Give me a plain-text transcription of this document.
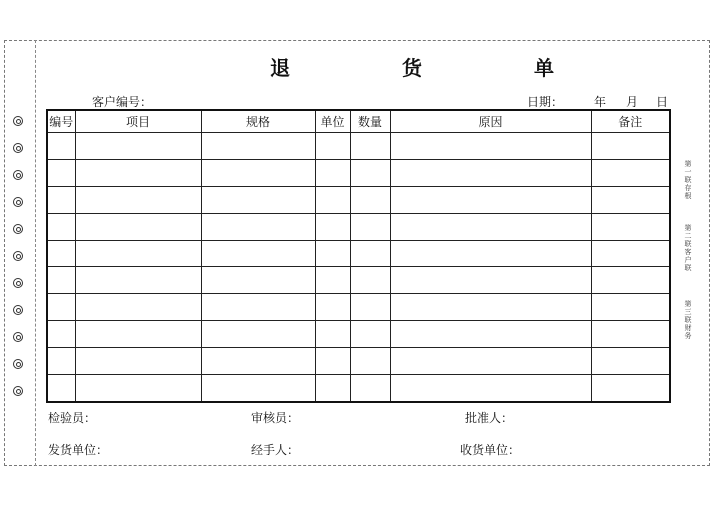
退　货　单
客户编号：	日期：	年 月 日
编号	项目	规格	单位	数量	原因	备注

检验员：	审核员：	批准人：
发货单位：	经手人：	收货单位：
第一联存根
第二联客户联
第三联财务
